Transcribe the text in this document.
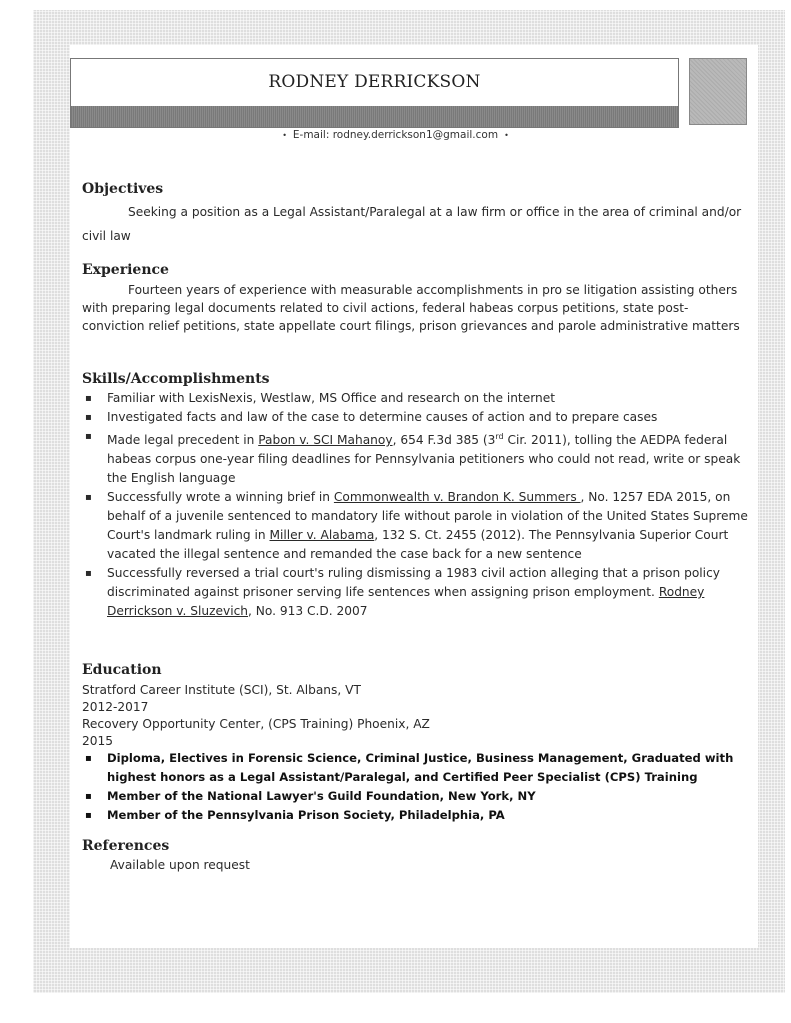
RODNEY DERRICKSON
• E-mail: rodney.derrickson1@gmail.com •
Objectives
Seeking a position as a Legal Assistant/Paralegal at a law firm or office in the area of criminal and/or civil law
Experience
Fourteen years of experience with measurable accomplishments in pro se litigation assisting others with preparing legal documents related to civil actions, federal habeas corpus petitions, state post-conviction relief petitions, state appellate court filings, prison grievances and parole administrative matters
Skills/Accomplishments
▪ Familiar with LexisNexis, Westlaw, MS Office and research on the internet
▪ Investigated facts and law of the case to determine causes of action and to prepare cases
▪ Made legal precedent in Pabon v. SCI Mahanoy, 654 F.3d 385 (3rd Cir. 2011), tolling the AEDPA federal habeas corpus one-year filing deadlines for Pennsylvania petitioners who could not read, write or speak the English language
▪ Successfully wrote a winning brief in Commonwealth v. Brandon K. Summers , No. 1257 EDA 2015, on behalf of a juvenile sentenced to mandatory life without parole in violation of the United States Supreme Court's landmark ruling in Miller v. Alabama, 132 S. Ct. 2455 (2012). The Pennsylvania Superior Court vacated the illegal sentence and remanded the case back for a new sentence
▪ Successfully reversed a trial court's ruling dismissing a 1983 civil action alleging that a prison policy discriminated against prisoner serving life sentences when assigning prison employment. Rodney Derrickson v. Sluzevich, No. 913 C.D. 2007
Education
Stratford Career Institute (SCI), St. Albans, VT
2012-2017
Recovery Opportunity Center, (CPS Training) Phoenix, AZ
2015
▪ Diploma, Electives in Forensic Science, Criminal Justice, Business Management, Graduated with highest honors as a Legal Assistant/Paralegal, and Certified Peer Specialist (CPS) Training
▪ Member of the National Lawyer's Guild Foundation, New York, NY
▪ Member of the Pennsylvania Prison Society, Philadelphia, PA
References
Available upon request
